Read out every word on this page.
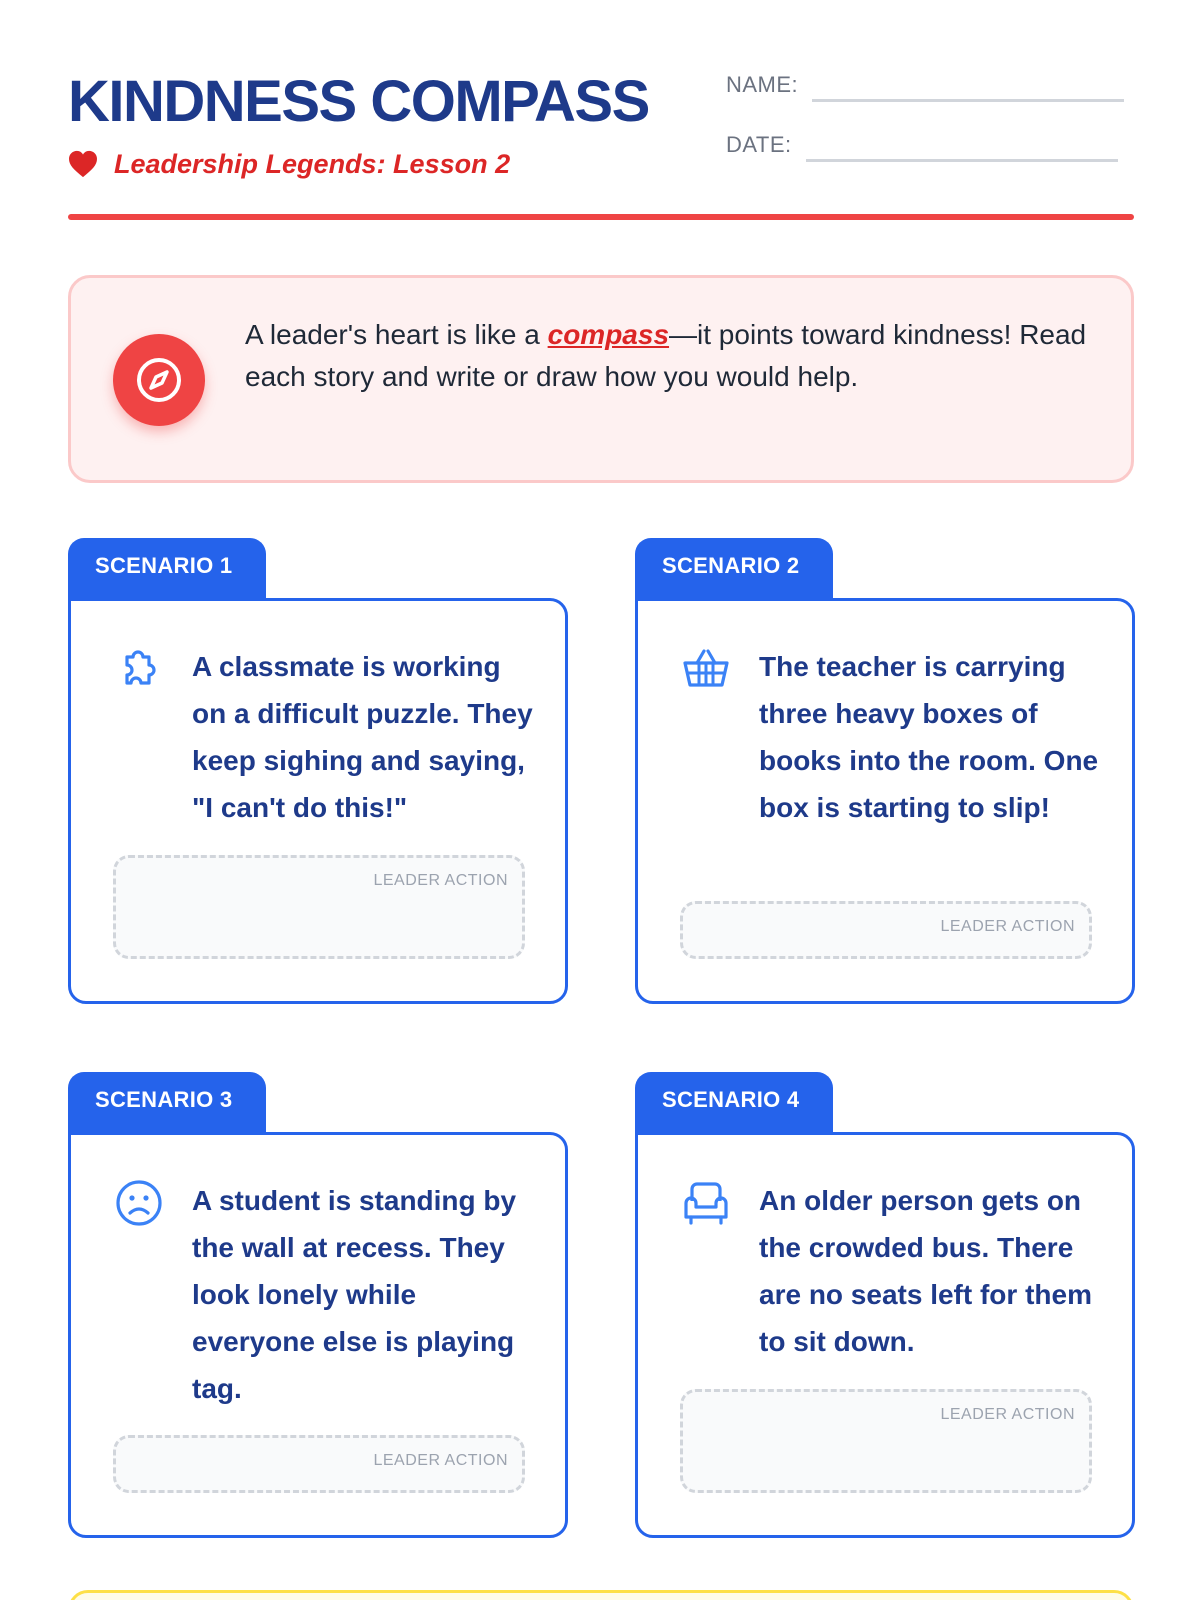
KINDNESS COMPASS
Leadership Legends: Lesson 2
NAME:
DATE:

A leader's heart is like a compass—it points toward kindness! Read each story and write or draw how you would help.

SCENARIO 1

A classmate is working on a difficult puzzle. They keep sighing and saying, "I can't do this!"

LEADER ACTION
SCENARIO 2

The teacher is carrying three heavy boxes of books into the room. One box is starting to slip!

LEADER ACTION
SCENARIO 3

A student is standing by the wall at recess. They look lonely while everyone else is playing tag.

LEADER ACTION
SCENARIO 4

An older person gets on the crowded bus. There are no seats left for them to sit down.

LEADER ACTION
